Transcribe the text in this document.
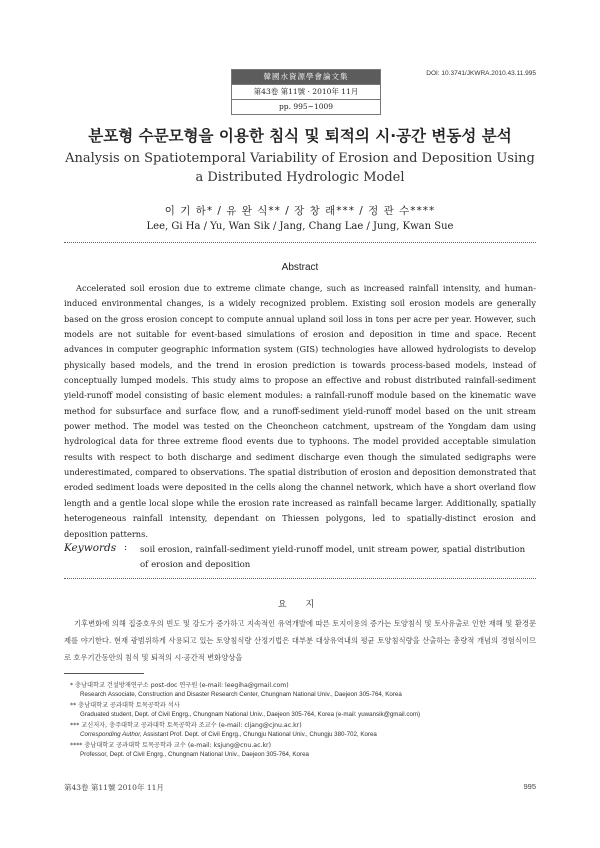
韓國水資源學會論文集
第43卷 第11號 · 2010年 11月
pp. 995~1009
DOI: 10.3741/JKWRA.2010.43.11.995
분포형 수문모형을 이용한 침식 및 퇴적의 시·공간 변동성 분석
Analysis on Spatiotemporal Variability of Erosion and Deposition Using a Distributed Hydrologic Model
이 기 하* / 유 완 식** / 장 창 래*** / 정 관 수****
Lee, Gi Ha / Yu, Wan Sik / Jang, Chang Lae / Jung, Kwan Sue
Abstract

Accelerated soil erosion due to extreme climate change, such as increased rainfall intensity, and human-induced environmental changes, is a widely recognized problem. Existing soil erosion models are generally based on the gross erosion concept to compute annual upland soil loss in tons per acre per year. However, such models are not suitable for event-based simulations of erosion and deposition in time and space. Recent advances in computer geographic information system (GIS) technologies have allowed hydrologists to develop physically based models, and the trend in erosion prediction is towards process-based models, instead of conceptually lumped models. This study aims to propose an effective and robust distributed rainfall-sediment yield-runoff model consisting of basic element modules: a rainfall-runoff module based on the kinematic wave method for subsurface and surface flow, and a runoff-sediment yield-runoff model based on the unit stream power method. The model was tested on the Cheoncheon catchment, upstream of the Yongdam dam using hydrological data for three extreme flood events due to typhoons. The model provided acceptable simulation results with respect to both discharge and sediment discharge even though the simulated sedigraphs were underestimated, compared to observations. The spatial distribution of erosion and deposition demonstrated that eroded sediment loads were deposited in the cells along the channel network, which have a short overland flow length and a gentle local slope while the erosion rate increased as rainfall became larger. Additionally, spatially heterogeneous rainfall intensity, dependant on Thiessen polygons, led to spatially-distinct erosion and deposition patterns.

Keywords : soil erosion, rainfall-sediment yield-runoff model, unit stream power, spatial distribution of erosion and deposition
요 지

기후변화에 의해 집중호우의 빈도 및 강도가 증가하고 지속적인 유역개발에 따른 토지이용의 증가는 토양침식 및 토사유출로 인한 재해 및 환경문제를 야기한다. 현재 광범위하게 사용되고 있는 토양침식량 산정기법은 대부분 대상유역내의 평균 토양침식량을 산출하는 총량적 개념의 경험식이므로 호우기간동안의 침식 및 퇴적의 시·공간적 변화양상을

* 충남대학교 건설방재연구소 post-doc 연구원 (e-mail: leegiha@gmail.com)
Research Associate, Construction and Disaster Research Center, Chungnam National Univ., Daejeon 305-764, Korea
** 충남대학교 공과대학 토목공학과 석사
Graduated student, Dept. of Civil Engrg., Chungnam National Univ., Daejeon 305-764, Korea (e-mail: yuwansik@gmail.com)
*** 교신저자, 충주대학교 공과대학 토목공학과 조교수 (e-mail: cljang@cjnu.ac.kr)
Corresponding Author, Assistant Prof. Dept. of Civil Engrg., Chungju National Univ., Chungju 380-702, Korea
**** 충남대학교 공과대학 토목공학과 교수 (e-mail: ksjung@cnu.ac.kr)
Professor, Dept. of Civil Engrg., Chungnam National Univ., Daejeon 305-764, Korea
第43卷 第11號 2010年 11月	995
